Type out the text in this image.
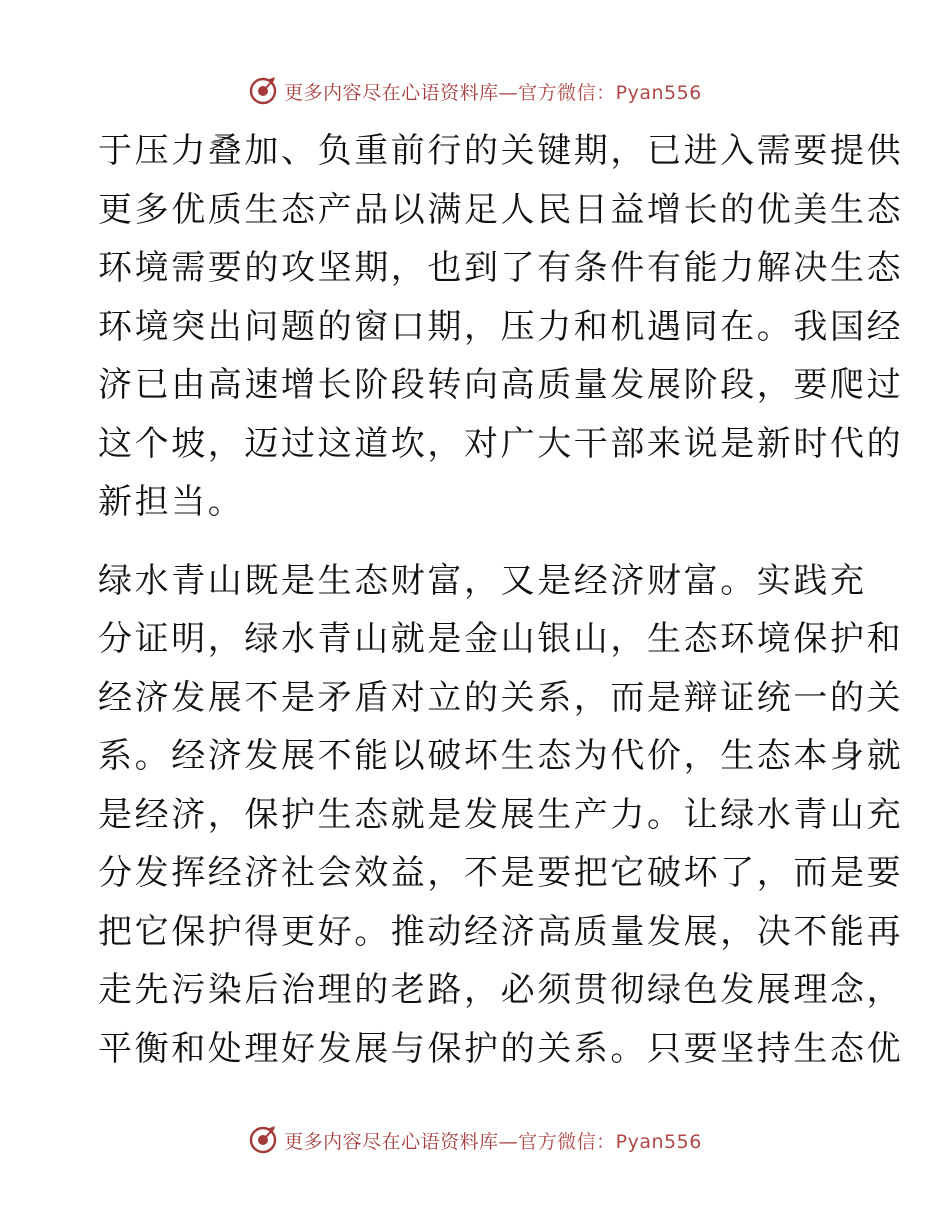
更多内容尽在心语资料库—官方微信：Pyan556
于压力叠加、负重前行的关键期，已进入需要提供
更多优质生态产品以满足人民日益增长的优美生态
环境需要的攻坚期，也到了有条件有能力解决生态
环境突出问题的窗口期，压力和机遇同在。我国经
济已由高速增长阶段转向高质量发展阶段，要爬过
这个坡，迈过这道坎，对广大干部来说是新时代的
新担当。
绿水青山既是生态财富，又是经济财富。实践充
分证明，绿水青山就是金山银山，生态环境保护和
经济发展不是矛盾对立的关系，而是辩证统一的关
系。经济发展不能以破坏生态为代价，生态本身就
是经济，保护生态就是发展生产力。让绿水青山充
分发挥经济社会效益，不是要把它破坏了，而是要
把它保护得更好。推动经济高质量发展，决不能再
走先污染后治理的老路，必须贯彻绿色发展理念，
平衡和处理好发展与保护的关系。只要坚持生态优
更多内容尽在心语资料库—官方微信：Pyan556
